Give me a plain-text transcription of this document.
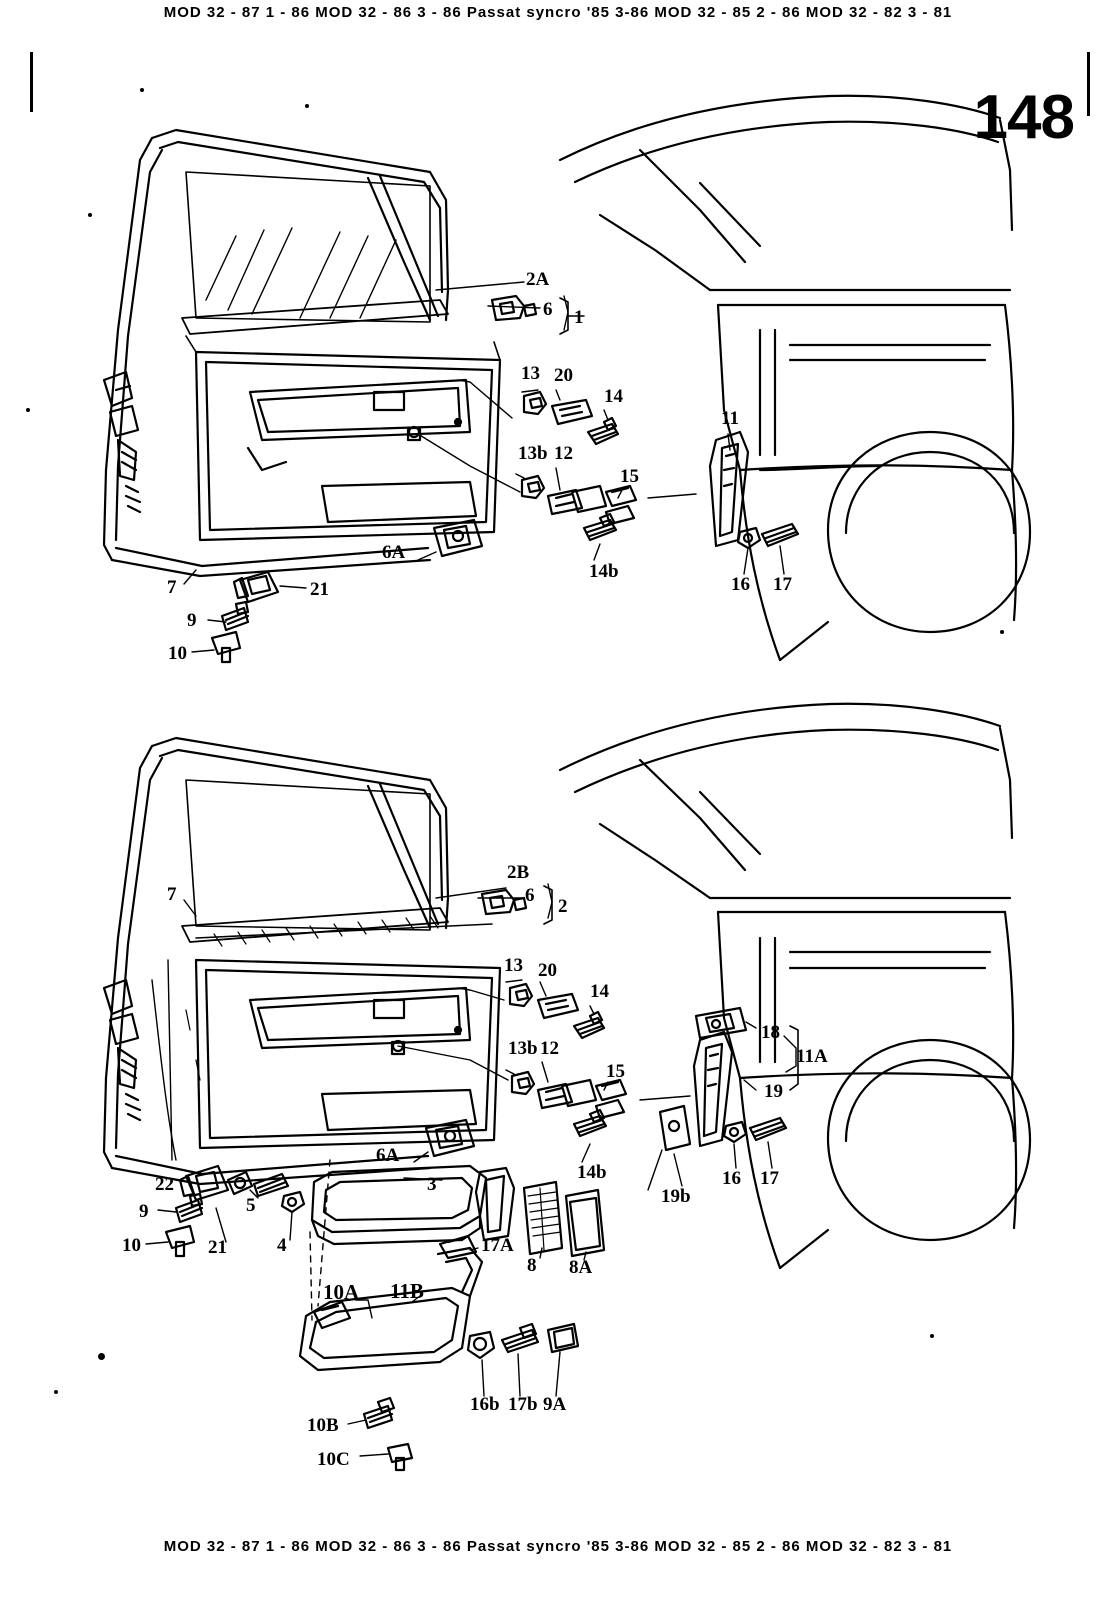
MOD 32 - 87 1 - 86 MOD 32 - 86 3 - 86 Passat syncro '85 3-86 MOD 32 - 85 2 - 86 MOD 32 - 82 3 - 81
MOD 32 - 87 1 - 86 MOD 32 - 86 3 - 86 Passat syncro '85 3-86 MOD 32 - 85 2 - 86 MOD 32 - 82 3 - 81
148
2A
6 1
13 20
14
11
13b 12
15
6A
14b
16 17
7	21
9
10
2B
6
2
7
13 20
14
18
11A
13b 12
15
19
6A
3
22
14b	16 17
19b
9	5
8 8A
17A
10	21	4
10A 11B
16b 17b 9A
10B
10C
